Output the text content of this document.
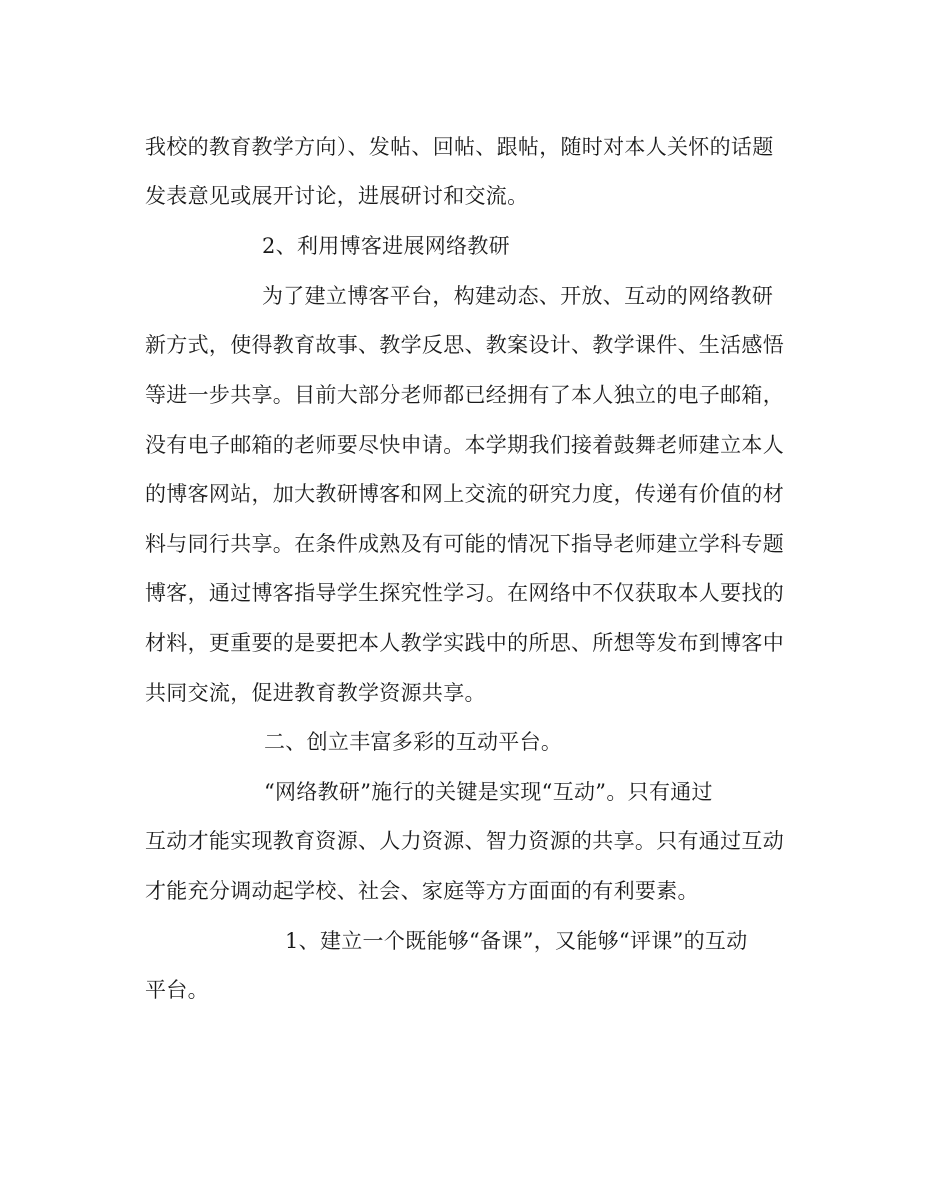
我校的教育教学方向）、发帖、回帖、跟帖，随时对本人关怀的话题
发表意见或展开讨论，进展研讨和交流。
2、利用博客进展网络教研
为了建立博客平台，构建动态、开放、互动的网络教研
新方式，使得教育故事、教学反思、教案设计、教学课件、生活感悟
等进一步共享。目前大部分老师都已经拥有了本人独立的电子邮箱，
没有电子邮箱的老师要尽快申请。本学期我们接着鼓舞老师建立本人
的博客网站，加大教研博客和网上交流的研究力度，传递有价值的材
料与同行共享。在条件成熟及有可能的情况下指导老师建立学科专题
博客，通过博客指导学生探究性学习。在网络中不仅获取本人要找的
材料，更重要的是要把本人教学实践中的所思、所想等发布到博客中
共同交流，促进教育教学资源共享。
二、创立丰富多彩的互动平台。
“网络教研”施行的关键是实现“互动”。只有通过
互动才能实现教育资源、人力资源、智力资源的共享。只有通过互动
才能充分调动起学校、社会、家庭等方方面面的有利要素。
1、建立一个既能够“备课”，又能够“评课”的互动
平台。
